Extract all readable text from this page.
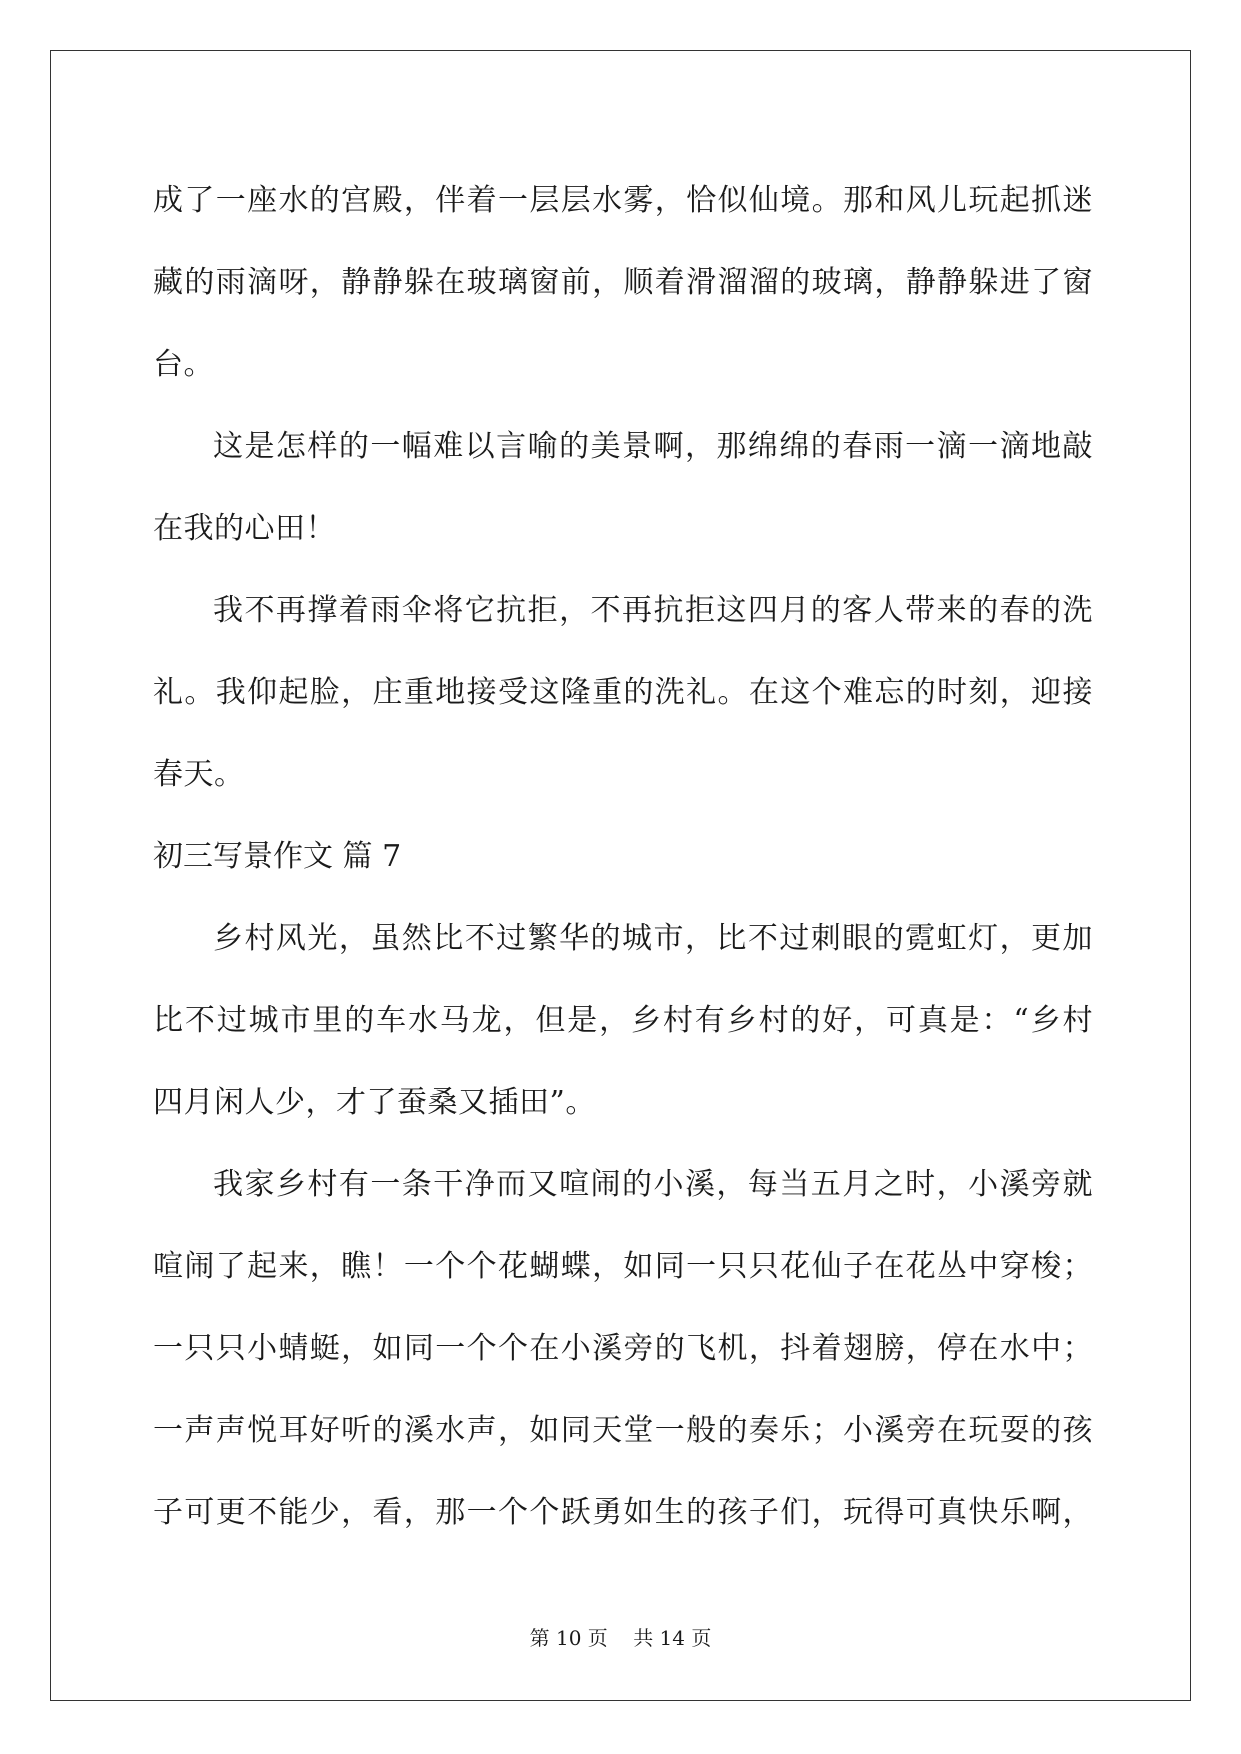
成了一座水的宫殿，伴着一层层水雾，恰似仙境。那和风儿玩起抓迷
藏的雨滴呀，静静躲在玻璃窗前，顺着滑溜溜的玻璃，静静躲进了窗
台。
这是怎样的一幅难以言喻的美景啊，那绵绵的春雨一滴一滴地敲
在我的心田！
我不再撑着雨伞将它抗拒，不再抗拒这四月的客人带来的春的洗
礼。我仰起脸，庄重地接受这隆重的洗礼。在这个难忘的时刻，迎接
春天。
初三写景作文 篇 7
乡村风光，虽然比不过繁华的城市，比不过刺眼的霓虹灯，更加
比不过城市里的车水马龙，但是，乡村有乡村的好，可真是：“乡村
四月闲人少，才了蚕桑又插田”。
我家乡村有一条干净而又喧闹的小溪，每当五月之时，小溪旁就
喧闹了起来，瞧！一个个花蝴蝶，如同一只只花仙子在花丛中穿梭；
一只只小蜻蜓，如同一个个在小溪旁的飞机，抖着翅膀，停在水中；
一声声悦耳好听的溪水声，如同天堂一般的奏乐；小溪旁在玩耍的孩
子可更不能少，看，那一个个跃勇如生的孩子们，玩得可真快乐啊，
第 10 页    共 14 页
